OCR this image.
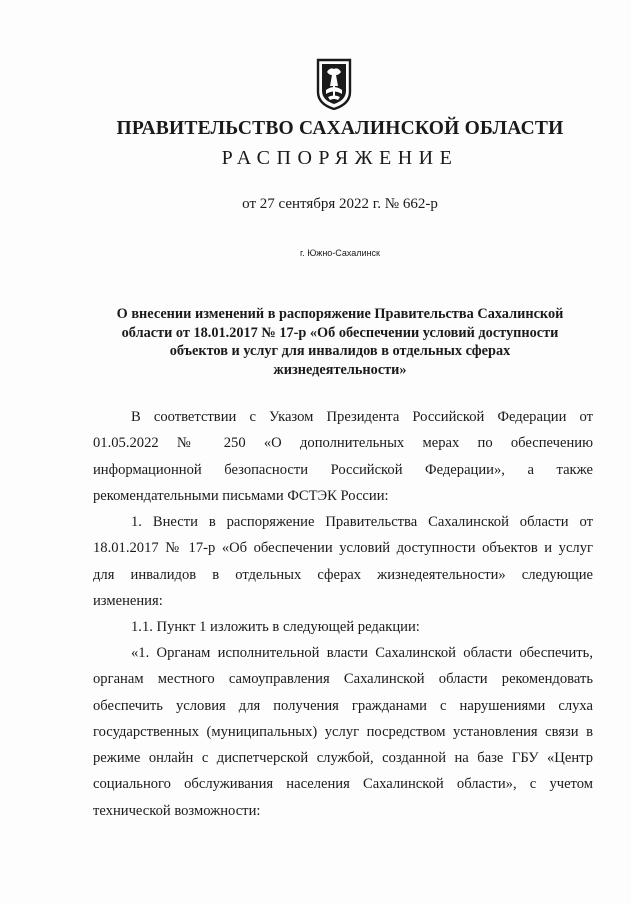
ПРАВИТЕЛЬСТВО САХАЛИНСКОЙ ОБЛАСТИ
РАСПОРЯЖЕНИЕ
от 27 сентября 2022 г. № 662-р
г. Южно-Сахалинск
О внесении изменений в распоряжение Правительства Сахалинской
области от 18.01.2017 № 17-р «Об обеспечении условий доступности
объектов и услуг для инвалидов в отдельных сферах
жизнедеятельности»
В соответствии с Указом Президента Российской Федерации от
01.05.2022 № 250 «О дополнительных мерах по обеспечению
информационной безопасности Российской Федерации», а также
рекомендательными письмами ФСТЭК России:
1. Внести в распоряжение Правительства Сахалинской области от
18.01.2017 № 17-р «Об обеспечении условий доступности объектов и услуг
для инвалидов в отдельных сферах жизнедеятельности» следующие
изменения:
1.1. Пункт 1 изложить в следующей редакции:
«1. Органам исполнительной власти Сахалинской области обеспечить,
органам местного самоуправления Сахалинской области рекомендовать
обеспечить условия для получения гражданами с нарушениями слуха
государственных (муниципальных) услуг посредством установления связи в
режиме онлайн с диспетчерской службой, созданной на базе ГБУ «Центр
социального обслуживания населения Сахалинской области», с учетом
технической возможности:
